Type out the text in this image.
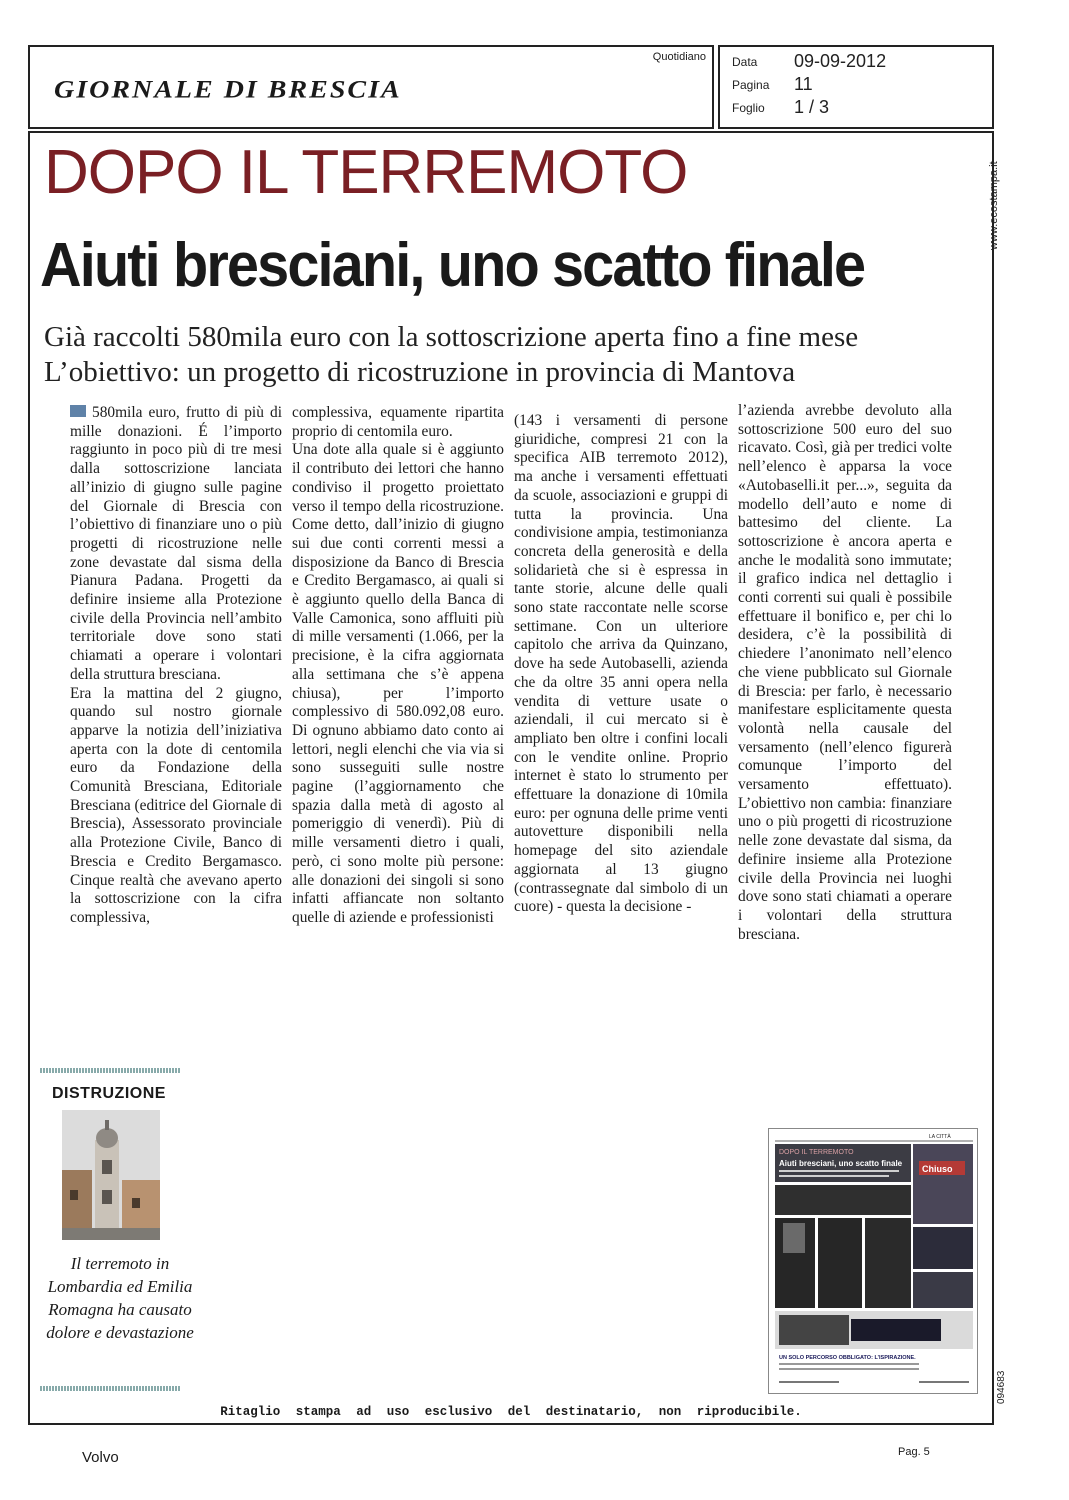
GIORNALE DI BRESCIA
Quotidiano Data 09-09-2012
Pagina 11
Foglio 1 / 3
www.ecostampa.it
094683
DOPO IL TERREMOTO
Aiuti bresciani, uno scatto finale
Già raccolti 580mila euro con la sottoscrizione aperta fino a fine mese
L’obiettivo: un progetto di ricostruzione in provincia di Mantova

580mila euro, frutto di più di mille donazioni. É l’importo raggiunto in poco più di tre mesi dalla sottoscrizione lanciata all’inizio di giugno sulle pagine del Giornale di Brescia con l’obiettivo di finanziare uno o più progetti di ricostruzione nelle zone devastate dal sisma della Pianura Padana. Progetti da definire insieme alla Protezione civile della Provincia nell’ambito territoriale dove sono stati chiamati a operare i volontari della struttura bresciana.

Era la mattina del 2 giugno, quando sul nostro giornale apparve la notizia dell’iniziativa aperta con la dote di centomila euro da Fondazione della Comunità Bresciana, Editoriale Bresciana (editrice del Giornale di Brescia), Assessorato provinciale alla Protezione Civile, Banco di Brescia e Credito Bergamasco. Cinque realtà che avevano aperto la sottoscrizione con la cifra complessiva,

complessiva, equamente ripartita proprio di centomila euro.

Una dote alla quale si è aggiunto il contributo dei lettori che hanno condiviso il progetto proiettato verso il tempo della ricostruzione. Come detto, dall’inizio di giugno sui due conti correnti messi a disposizione da Banco di Brescia e Credito Bergamasco, ai quali si è aggiunto quello della Banca di Valle Camonica, sono affluiti più di mille versamenti (1.066, per la precisione, è la cifra aggiornata alla settimana che s’è appena chiusa), per l’importo complessivo di 580.092,08 euro. Di ognuno abbiamo dato conto ai lettori, negli elenchi che via via si sono susseguiti sulle nostre pagine (l’aggiornamento che spazia dalla metà di agosto al pomeriggio di venerdì). Più di mille versamenti dietro i quali, però, ci sono molte più persone: alle donazioni dei singoli si sono infatti affiancate non soltanto quelle di aziende e professionisti

(143 i versamenti di persone giuridiche, compresi 21 con la specifica AIB terremoto 2012), ma anche i versamenti effettuati da scuole, associazioni e gruppi di tutta la provincia. Una condivisione ampia, testimonianza concreta della generosità e della solidarietà che si è espressa in tante storie, alcune delle quali sono state raccontate nelle scorse settimane. Con un ulteriore capitolo che arriva da Quinzano, dove ha sede Autobaselli, azienda che da oltre 35 anni opera nella vendita di vetture usate o aziendali, il cui mercato si è ampliato ben oltre i confini locali con le vendite online. Proprio internet è stato lo strumento per effettuare la donazione di 10mila euro: per ognuna delle prime venti autovetture disponibili nella homepage del sito aziendale aggiornata al 13 giugno (contrassegnate dal simbolo di un cuore) - questa la decisione -

l’azienda avrebbe devoluto alla sottoscrizione 500 euro del suo ricavato. Così, già per tredici volte nell’elenco è apparsa la voce «Autobaselli.it per...», seguita da modello dell’auto e nome di battesimo del cliente. La sottoscrizione è ancora aperta e anche le modalità sono immutate; il grafico indica nel dettaglio i conti correnti sui quali è possibile effettuare il bonifico e, per chi lo desidera, c’è la possibilità di chiedere l’anonimato nell’elenco che viene pubblicato sul Giornale di Brescia: per farlo, è necessario manifestare esplicitamente questa volontà nella causale del versamento (nell’elenco figurerà comunque l’importo del versamento effettuato). L’obiettivo non cambia: finanziare uno o più progetti di ricostruzione nelle zone devastate dal sisma, da definire insieme alla Protezione civile della Provincia nei luoghi dove sono stati chiamati a operare i volontari della struttura bresciana.

DISTRUZIONE
Il terremoto in Lombardia ed Emilia Romagna ha causato dolore e devastazione
LA CITTÀ
DOPO IL TERREMOTO
Aiuti bresciani, uno scatto finale
Chiuso
UN SOLO PERCORSO OBBLIGATO: L’ISPIRAZIONE.
Ritaglio stampa ad uso esclusivo del destinatario, non riproducibile.
Volvo	Pag. 5
